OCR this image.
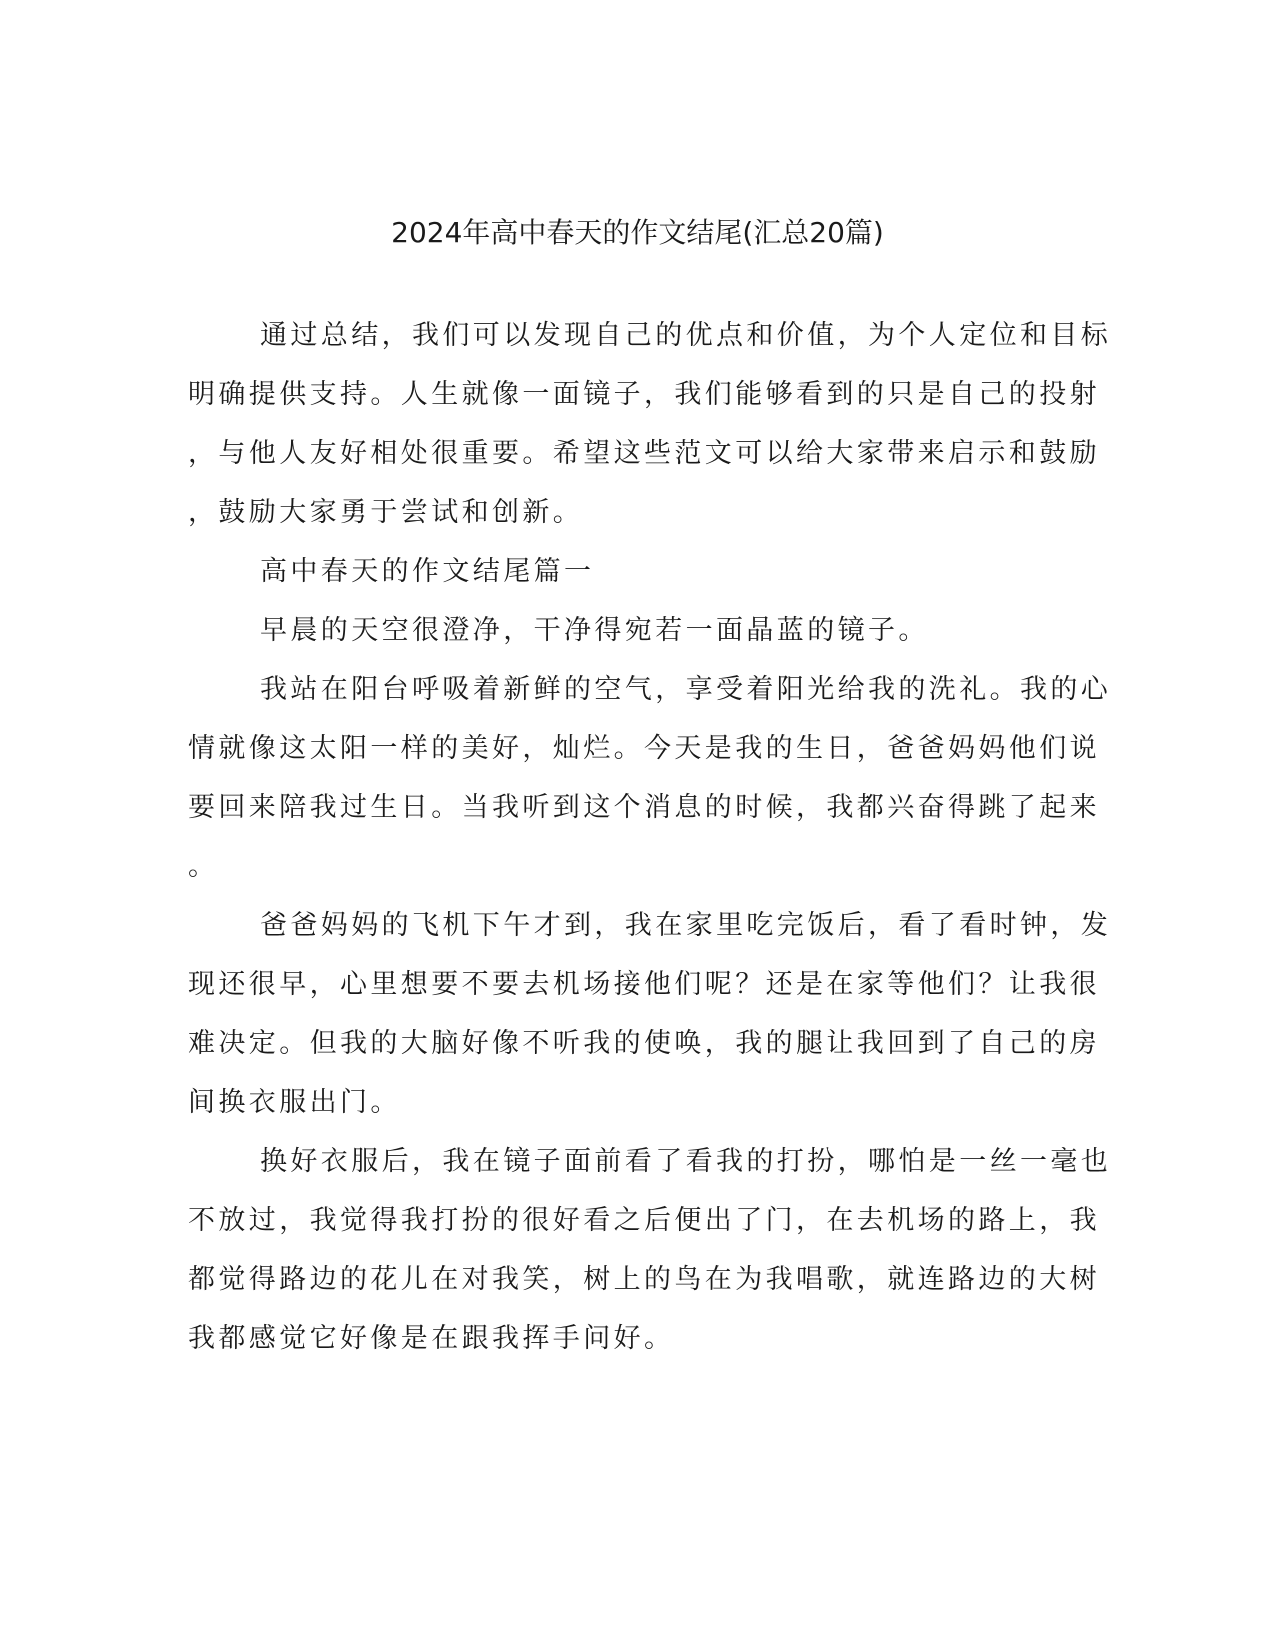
2024年高中春天的作文结尾(汇总20篇)
通过总结，我们可以发现自己的优点和价值，为个人定位和目标
明确提供支持。人生就像一面镜子，我们能够看到的只是自己的投射
，与他人友好相处很重要。希望这些范文可以给大家带来启示和鼓励
，鼓励大家勇于尝试和创新。
高中春天的作文结尾篇一
早晨的天空很澄净，干净得宛若一面晶蓝的镜子。
我站在阳台呼吸着新鲜的空气，享受着阳光给我的洗礼。我的心
情就像这太阳一样的美好，灿烂。今天是我的生日，爸爸妈妈他们说
要回来陪我过生日。当我听到这个消息的时候，我都兴奋得跳了起来
。
爸爸妈妈的飞机下午才到，我在家里吃完饭后，看了看时钟，发
现还很早，心里想要不要去机场接他们呢？还是在家等他们？让我很
难决定。但我的大脑好像不听我的使唤，我的腿让我回到了自己的房
间换衣服出门。
换好衣服后，我在镜子面前看了看我的打扮，哪怕是一丝一毫也
不放过，我觉得我打扮的很好看之后便出了门，在去机场的路上，我
都觉得路边的花儿在对我笑，树上的鸟在为我唱歌，就连路边的大树
我都感觉它好像是在跟我挥手问好。
